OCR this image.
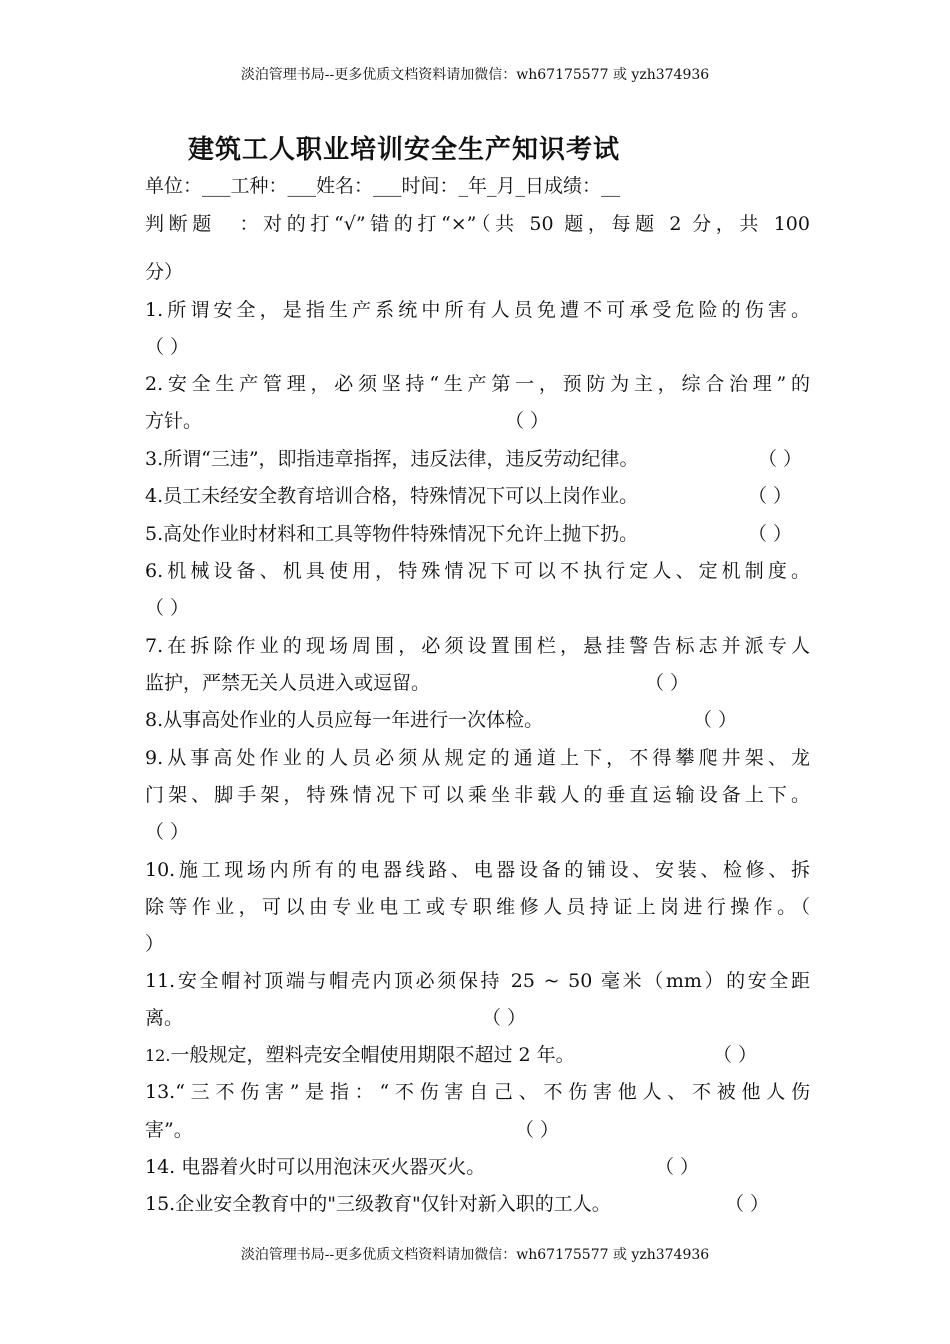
淡泊管理书局--更多优质文档资料请加微信：wh67175577 或 yzh374936
建筑工人职业培训安全生产知识考试
单位：___工种：___姓名：___时间：_年_月_日成绩：__
判断题　：对的打“√”错的打“×”（共 50 题，每题 2 分，共 100
分）
1.所谓安全，是指生产系统中所有人员免遭不可承受危险的伤害。
（ ）
2.安全生产管理，必须坚持“生产第一，预防为主，综合治理”的
方针。	（ ）
3.所谓“三违”，即指违章指挥，违反法律，违反劳动纪律。	（ ）
4.员工未经安全教育培训合格，特殊情况下可以上岗作业。	（ ）
5.高处作业时材料和工具等物件特殊情况下允许上抛下扔。	（ ）
6.机械设备、机具使用，特殊情况下可以不执行定人、定机制度。
（ ）
7.在拆除作业的现场周围，必须设置围栏，悬挂警告标志并派专人
监护，严禁无关人员进入或逗留。	（ ）
8.从事高处作业的人员应每一年进行一次体检。	（ ）
9.从事高处作业的人员必须从规定的通道上下，不得攀爬井架、龙
门架、脚手架，特殊情况下可以乘坐非载人的垂直运输设备上下。
（ ）
10.施工现场内所有的电器线路、电器设备的铺设、安装、检修、拆
除等作业，可以由专业电工或专职维修人员持证上岗进行操作。（
）
11.安全帽衬顶端与帽壳内顶必须保持 25 ~ 50 毫米（mm）的安全距
离。	（ ）
12.一般规定，塑料壳安全帽使用期限不超过 2 年。	（ ）
13.“三不伤害”是指：“不伤害自己、不伤害他人、不被他人伤
害”。	（ ）
14. 电器着火时可以用泡沫灭火器灭火。	（ ）
15.企业安全教育中的"三级教育"仅针对新入职的工人。	（ ）
淡泊管理书局--更多优质文档资料请加微信：wh67175577 或 yzh374936
